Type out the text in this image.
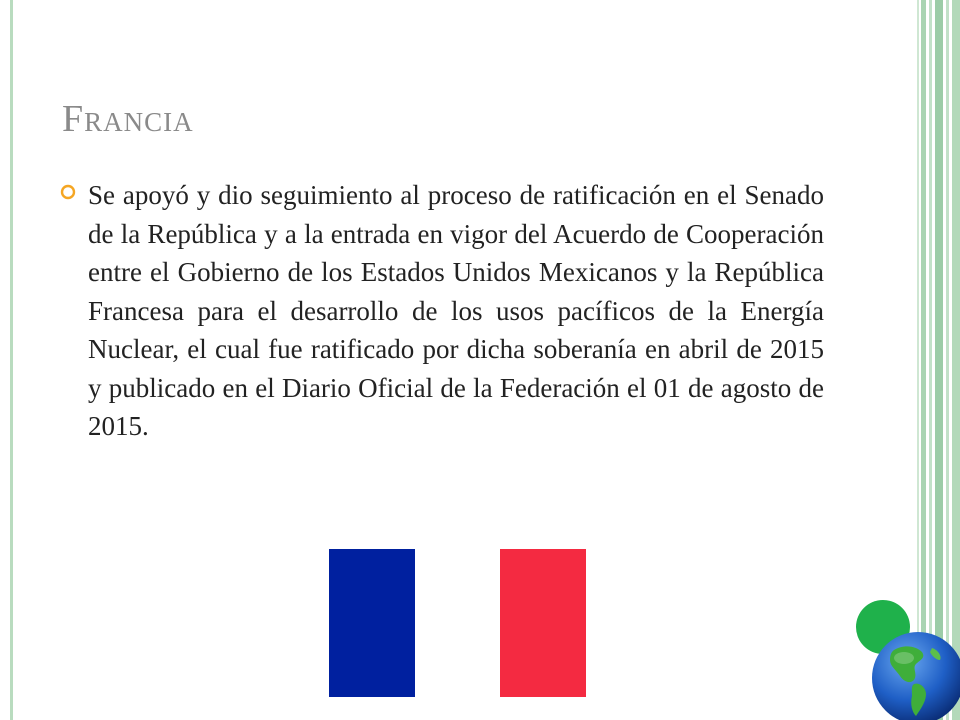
Francia

Se apoyó y dio seguimiento al proceso de ratificación en el Senado de la República y a la entrada en vigor del Acuerdo de Cooperación entre el Gobierno de los Estados Unidos Mexicanos y la República Francesa para el desarrollo de los usos pacíficos de la Energía Nuclear, el cual fue ratificado por dicha soberanía en abril de 2015 y publicado en el Diario Oficial de la Federación el 01 de agosto de 2015.
